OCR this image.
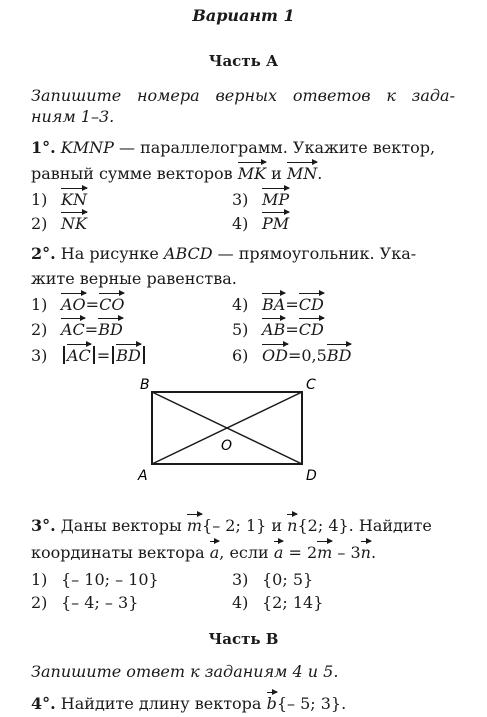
Вариант 1
Часть А
Запишите номера верных ответов к зада-
ниям 1–3.
1°. KMNP — параллелограмм. Укажите вектор,
равный сумме векторов MK и MN.
1) KN
2) NK
3) MP
4) PM
2°. На рисунке ABCD — прямоугольник. Ука-
жите верные равенства.
1) AO=CO
2) AC=BD
3) AC = BD
4) BA=CD
5) AB=CD
6) OD=0,5BD
B	C
A	D
O
3°. Даны векторы m{– 2; 1} и n{2; 4}. Найдите
координаты вектора a, если a = 2m – 3n.
1) {– 10; – 10}
2) {– 4; – 3}
3) {0; 5}
4) {2; 14}
Часть В
Запишите ответ к заданиям 4 и 5.
4°. Найдите длину вектора b{– 5; 3}.
